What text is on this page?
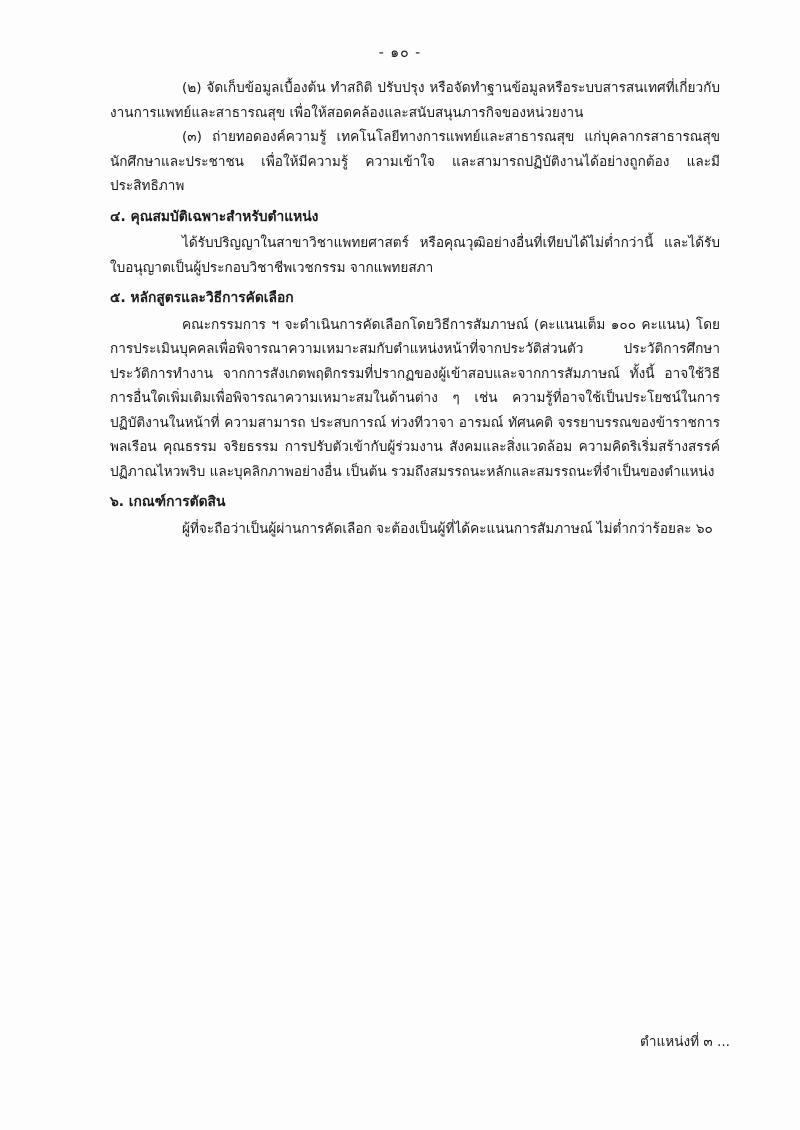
- ๑๐ -

(๒) จัดเก็บข้อมูลเบื้องต้น ทำสถิติ ปรับปรุง หรือจัดทำฐานข้อมูลหรือระบบสารสนเทศที่เกี่ยวกับงานการแพทย์และสาธารณสุข เพื่อให้สอดคล้องและสนับสนุนภารกิจของหน่วยงาน

(๓) ถ่ายทอดองค์ความรู้ เทคโนโลยีทางการแพทย์และสาธารณสุข แก่บุคลากรสาธารณสุข นักศึกษาและประชาชน เพื่อให้มีความรู้ ความเข้าใจ และสามารถปฏิบัติงานได้อย่างถูกต้อง และมีประสิทธิภาพ

๔. คุณสมบัติเฉพาะสำหรับตำแหน่ง

ได้รับปริญญาในสาขาวิชาแพทยศาสตร์ หรือคุณวุฒิอย่างอื่นที่เทียบได้ไม่ต่ำกว่านี้ และได้รับใบอนุญาตเป็นผู้ประกอบวิชาชีพเวชกรรม จากแพทยสภา

๕. หลักสูตรและวิธีการคัดเลือก

คณะกรรมการ ฯ จะดำเนินการคัดเลือกโดยวิธีการสัมภาษณ์ (คะแนนเต็ม ๑๐๐ คะแนน) โดยการประเมินบุคคลเพื่อพิจารณาความเหมาะสมกับตำแหน่งหน้าที่จากประวัติส่วนตัว ประวัติการศึกษา ประวัติการทำงาน จากการสังเกตพฤติกรรมที่ปรากฏของผู้เข้าสอบและจากการสัมภาษณ์ ทั้งนี้ อาจใช้วิธีการอื่นใดเพิ่มเติมเพื่อพิจารณาความเหมาะสมในด้านต่าง ๆ เช่น ความรู้ที่อาจใช้เป็นประโยชน์ในการปฏิบัติงานในหน้าที่ ความสามารถ ประสบการณ์ ท่วงทีวาจา อารมณ์ ทัศนคติ จรรยาบรรณของข้าราชการพลเรือน คุณธรรม จริยธรรม การปรับตัวเข้ากับผู้ร่วมงาน สังคมและสิ่งแวดล้อม ความคิดริเริ่มสร้างสรรค์ ปฏิภาณไหวพริบ และบุคลิกภาพอย่างอื่น เป็นต้น รวมถึงสมรรถนะหลักและสมรรถนะที่จำเป็นของตำแหน่ง

๖. เกณฑ์การตัดสิน

ผู้ที่จะถือว่าเป็นผู้ผ่านการคัดเลือก จะต้องเป็นผู้ที่ได้คะแนนการสัมภาษณ์ ไม่ต่ำกว่าร้อยละ ๖๐

ตำแหน่งที่ ๓ ...
